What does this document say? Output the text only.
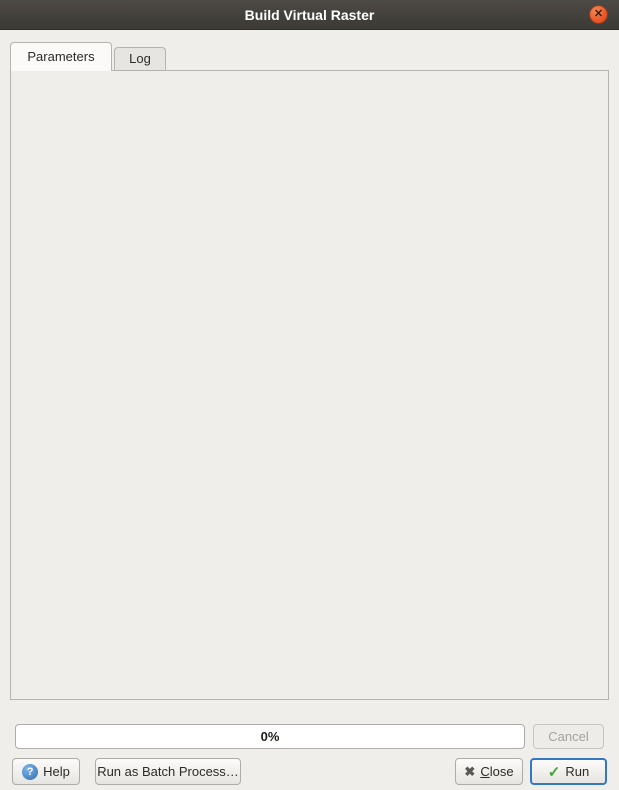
Build Virtual Raster	✕
Parameters	Log
0%	Cancel
? Help Run as Batch Process…	✖ Close ✓ Run
